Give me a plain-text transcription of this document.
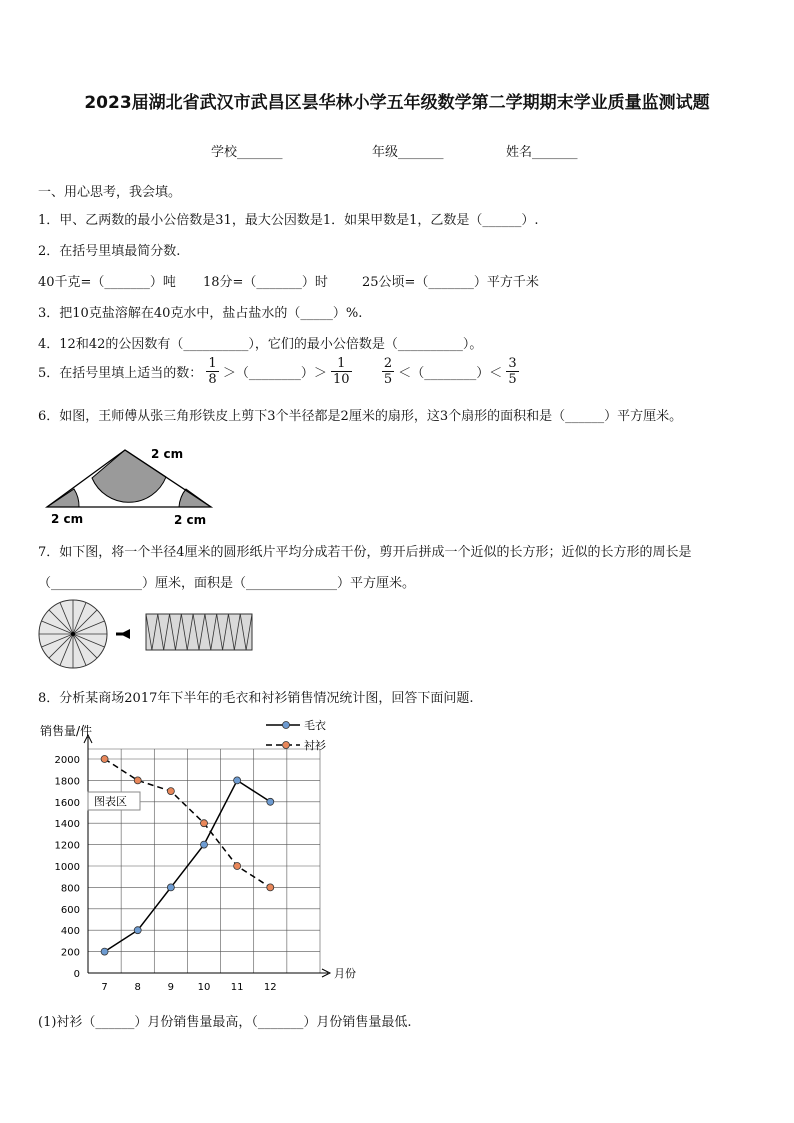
2023届湖北省武汉市武昌区昙华林小学五年级数学第二学期期末学业质量监测试题
学校_______	年级_______	姓名_______
一、用心思考，我会填。
1．甲、乙两数的最小公倍数是31，最大公因数是1．如果甲数是1，乙数是（______）.
2．在括号里填最简分数.
40千克=（_______）吨 18分=（_______）时	25公顷=（_______）平方千米
3．把10克盐溶解在40克水中，盐占盐水的（_____）%.
4．12和42的公因数有（__________），它们的最小公倍数是（__________）。
5．在括号里填上适当的数： $\frac{1}{8}$ ＞（________）＞ $\frac{1}{10}$
$\frac{2}{5}$ ＜（________）＜ $\frac{3}{5}$
6．如图，王师傅从张三角形铁皮上剪下3个半径都是2厘米的扇形，这3个扇形的面积和是（______）平方厘米。
2 cm
2 cm	2 cm
7．如下图，将一个半径4厘米的圆形纸片平均分成若干份，剪开后拼成一个近似的长方形；近似的长方形的周长是
（______________）厘米，面积是（______________）平方厘米。
8．分析某商场2017年下半年的毛衣和衬衫销售情况统计图，回答下面问题.
销售量/件
月份
0
200
400
600
800
1000
1200
1400
1600
1800
2000
7	8	9 10 11 12
毛衣
衬衫
图表区
(1)衬衫（______）月份销售量最高，（_______）月份销售量最低.
